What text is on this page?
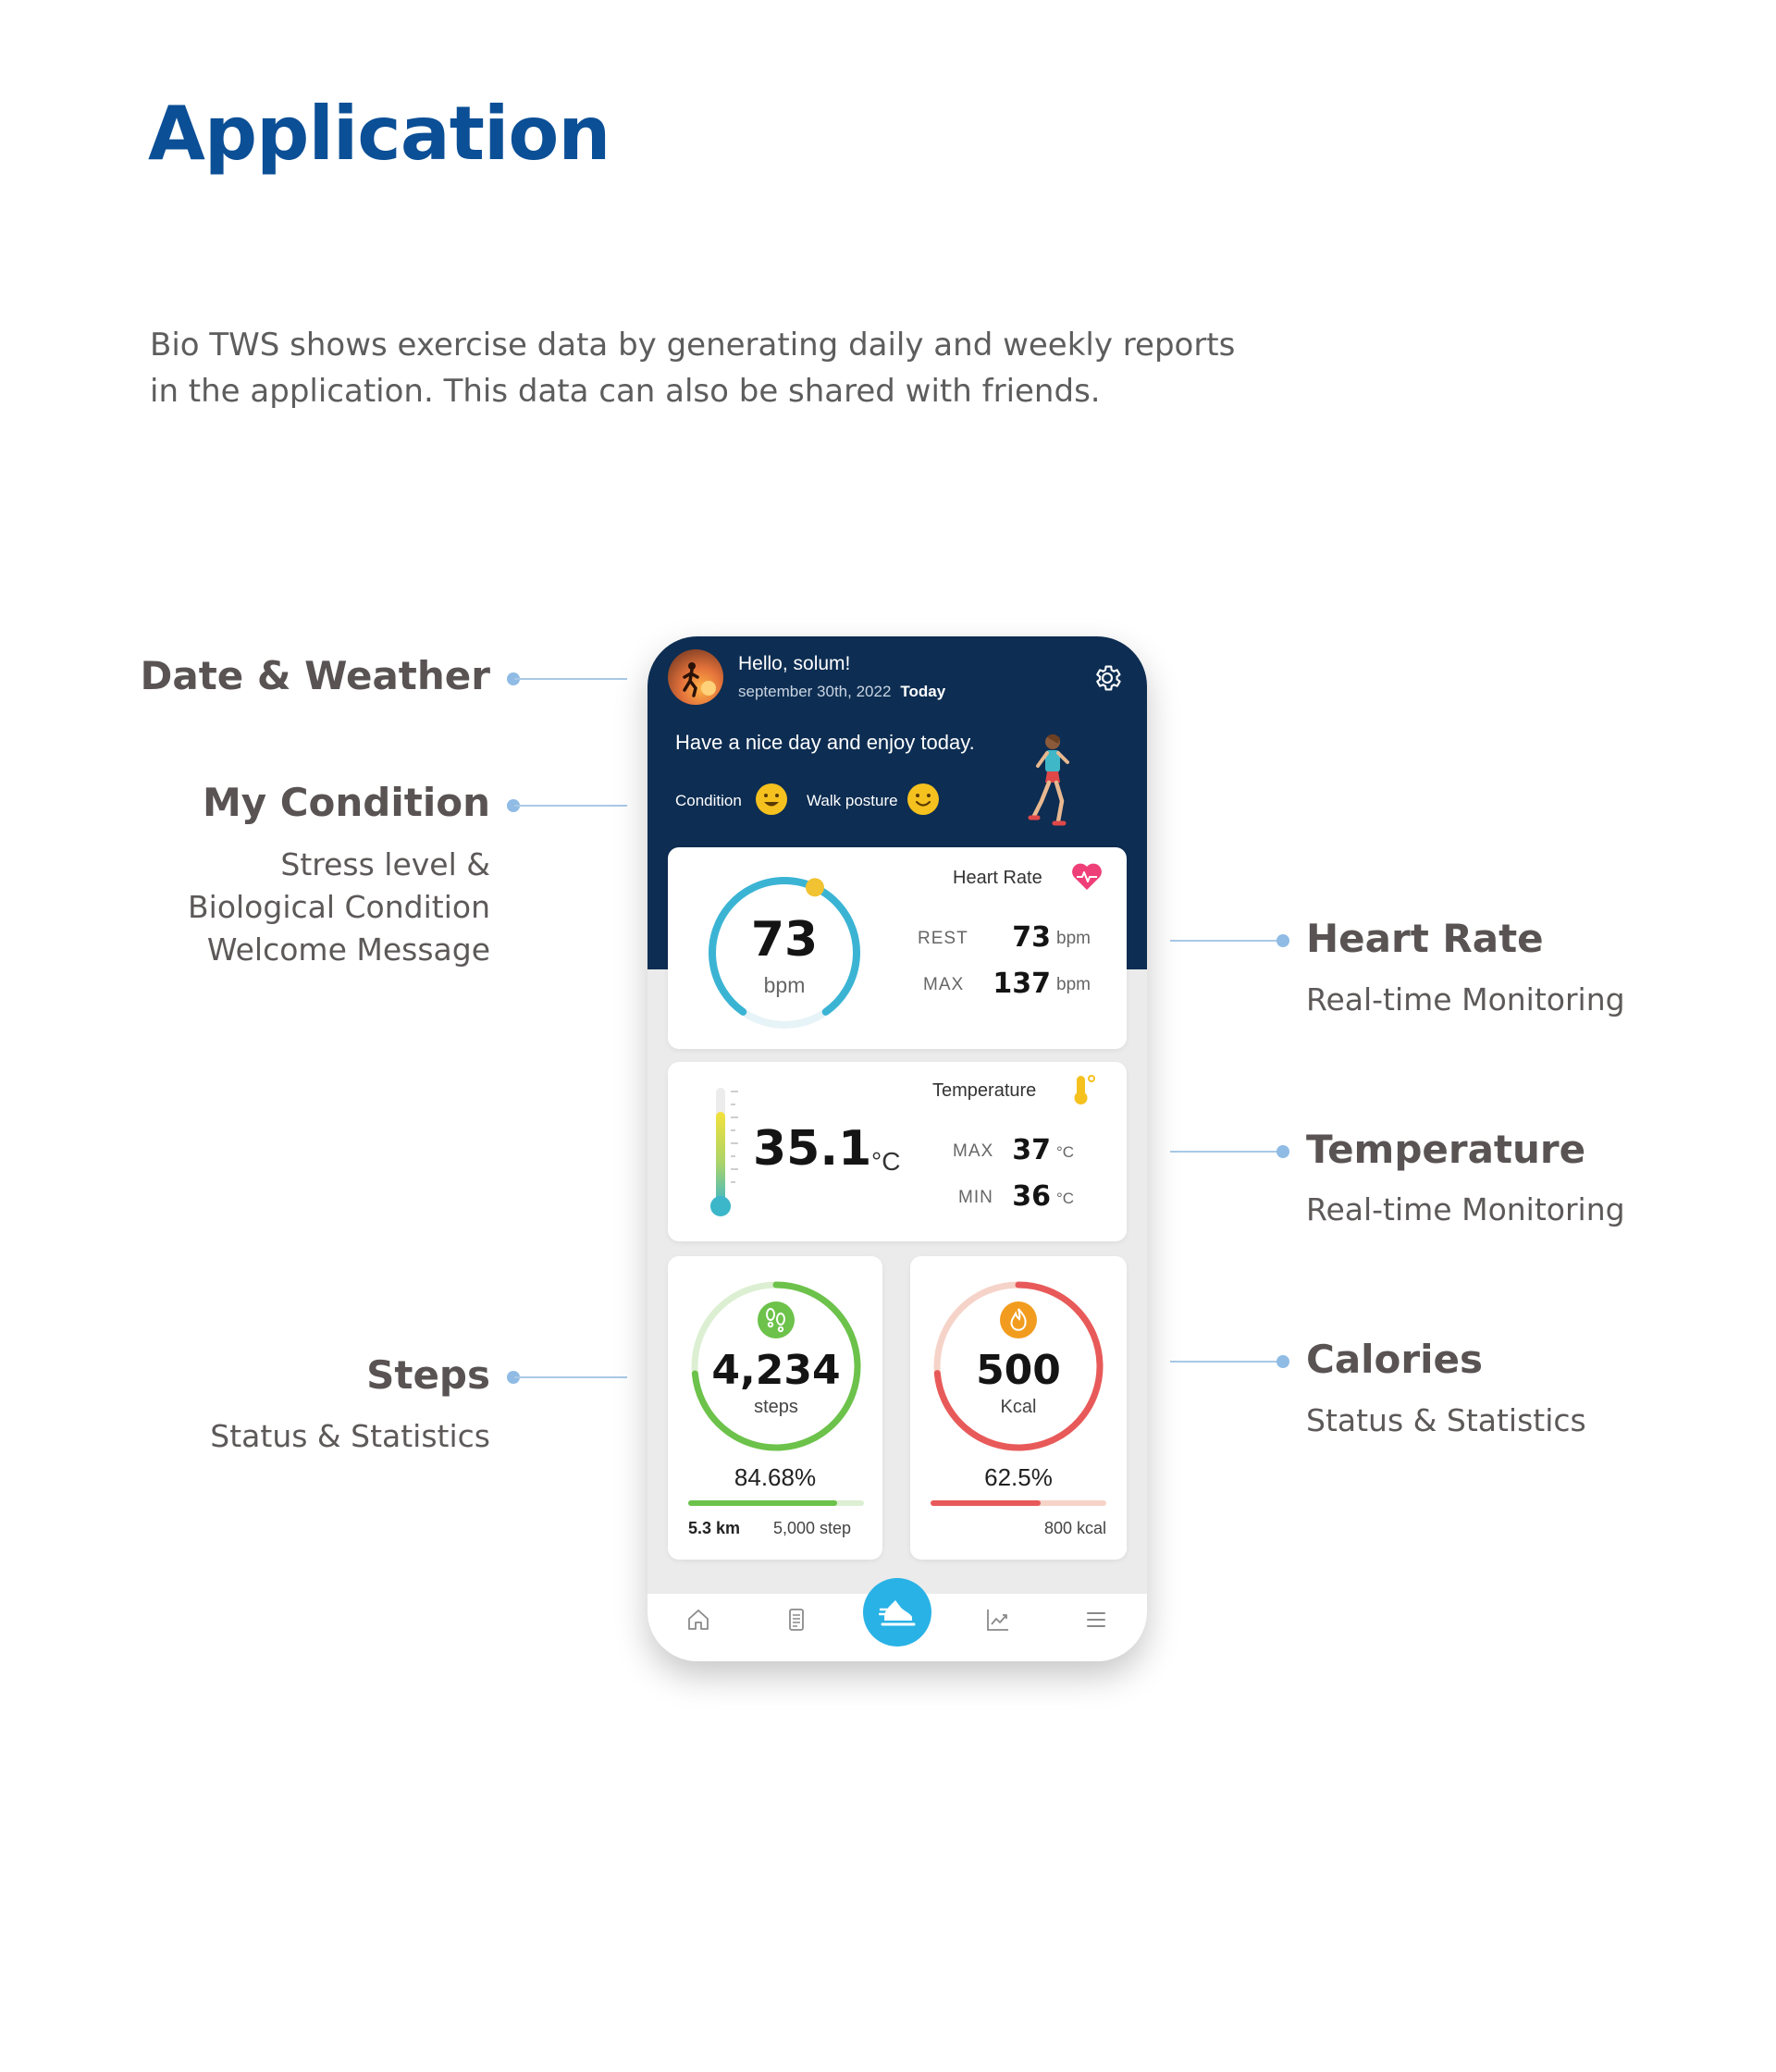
Application
Bio TWS shows exercise data by generating daily and weekly reports
in the application. This data can also be shared with friends.
Date & Weather
My Condition
Stress level &
Biological Condition
Welcome Message
Steps
Status & Statistics
Heart Rate
Real-time Monitoring
Temperature
Real-time Monitoring
Calories
Status & Statistics
Hello, solum!
september 30th, 2022 Today
Have a nice day and enjoy today.
Condition	Walk posture
73
bpm
Heart Rate
REST	73 bpm
MAX	137 bpm
35.1 °C
Temperature
MAX 37 °C
MIN 36 °C
4,234
steps
84.68%
5.3 km 5,000 step
500
Kcal
62.5%
800 kcal
